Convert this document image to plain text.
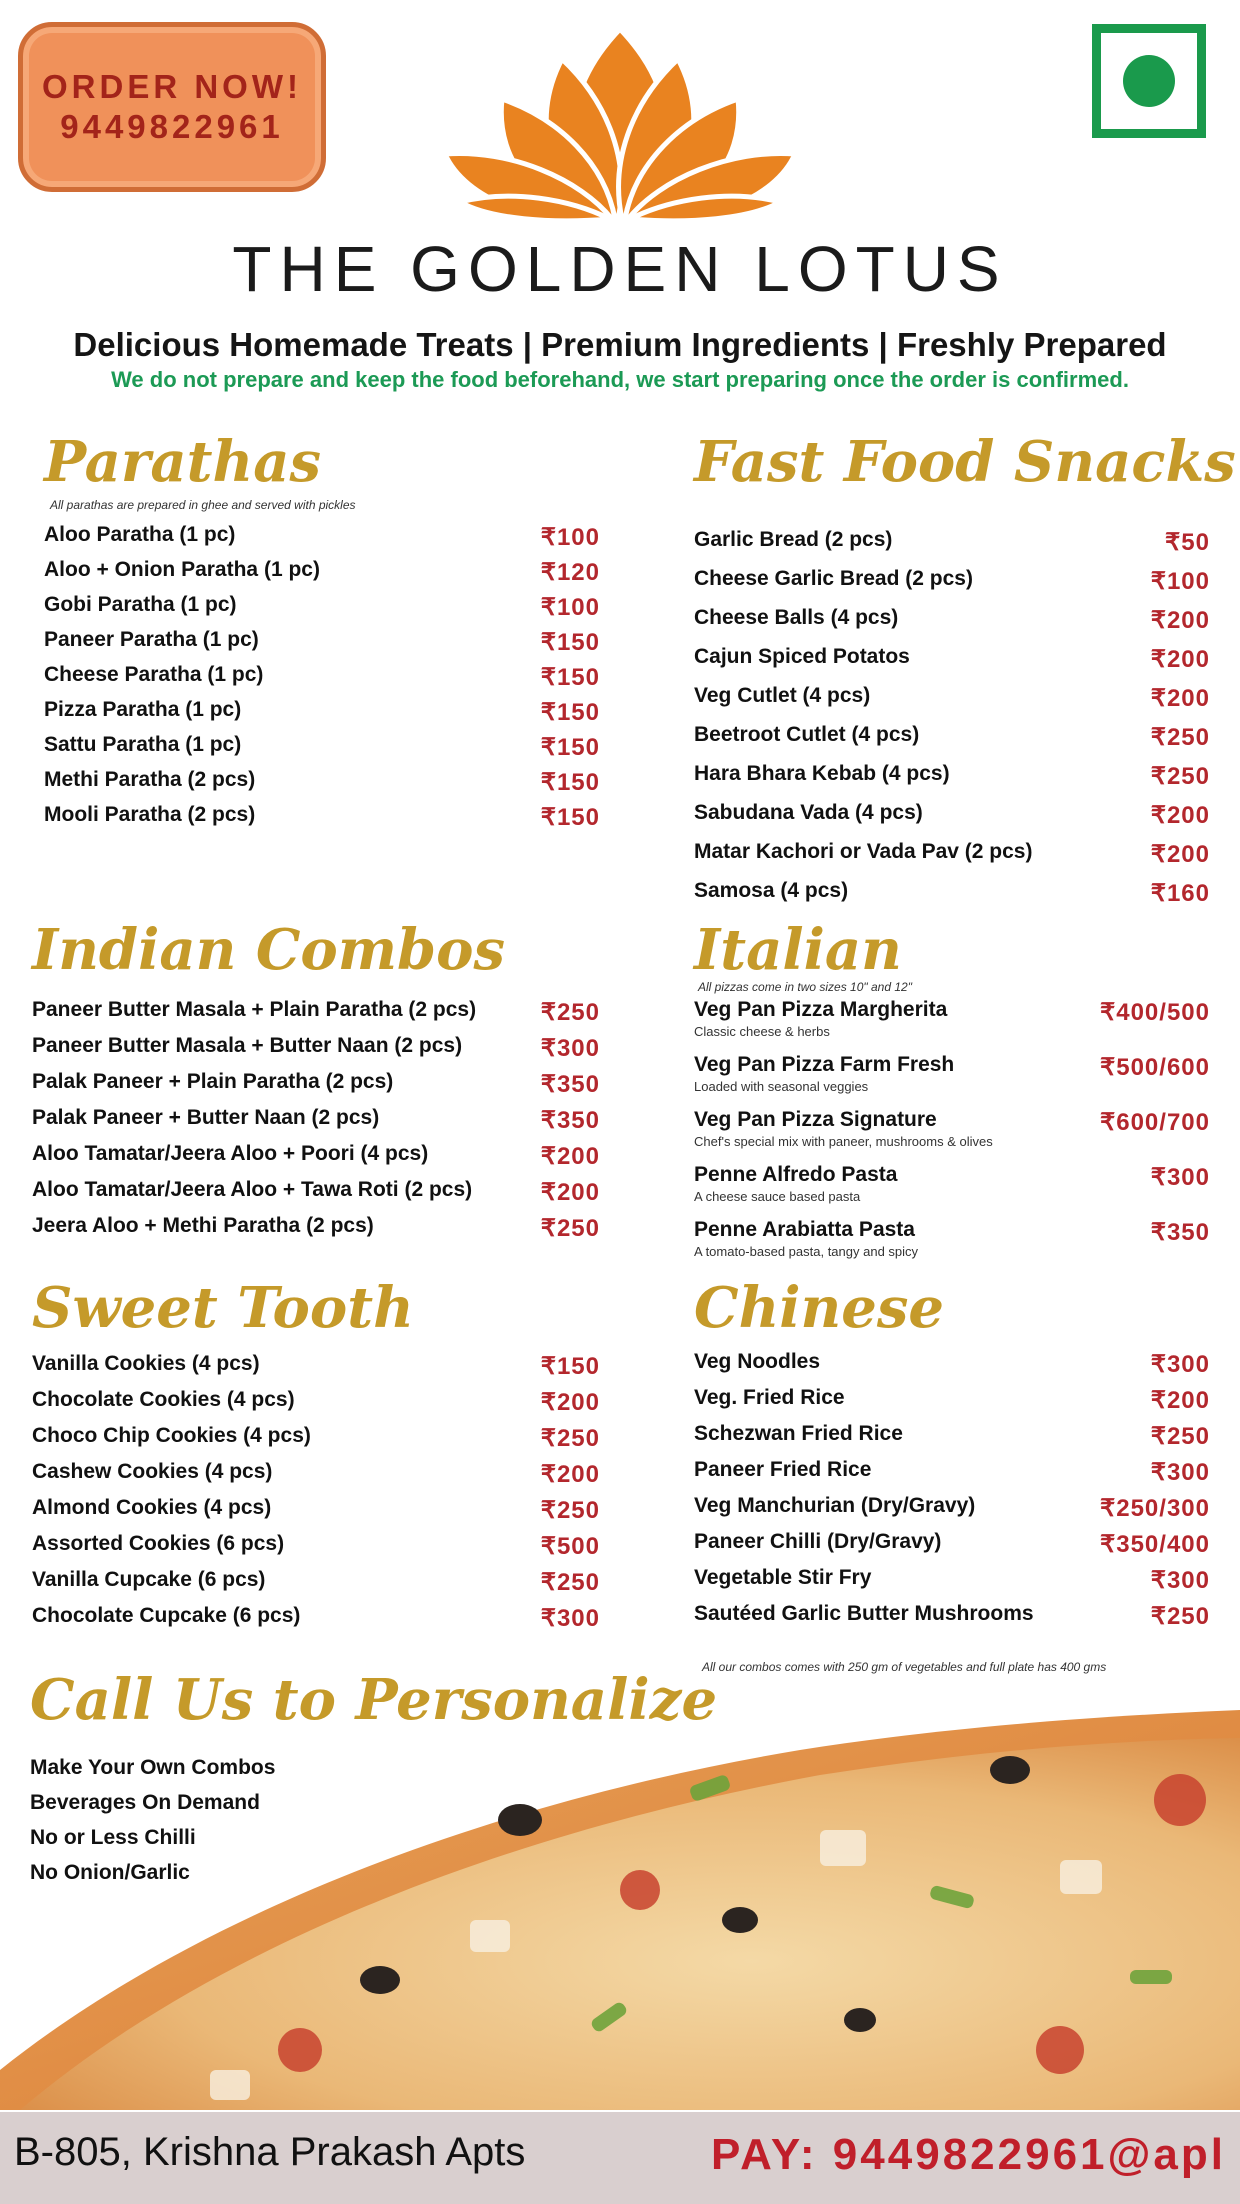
ORDER NOW!
9449822961
THE GOLDEN LOTUS
Delicious Homemade Treats | Premium Ingredients | Freshly Prepared
We do not prepare and keep the food beforehand, we start preparing once the order is confirmed.
Parathas
All parathas are prepared in ghee and served with pickles
Aloo Paratha (1 pc)	₹100
Aloo + Onion Paratha (1 pc)	₹120
Gobi Paratha (1 pc)	₹100
Paneer Paratha (1 pc)	₹150
Cheese Paratha (1 pc)	₹150
Pizza Paratha (1 pc)	₹150
Sattu Paratha (1 pc)	₹150
Methi Paratha (2 pcs)	₹150
Mooli Paratha (2 pcs)	₹150
Fast Food Snacks
Garlic Bread (2 pcs)	₹50
Cheese Garlic Bread (2 pcs)	₹100
Cheese Balls (4 pcs)	₹200
Cajun Spiced Potatos	₹200
Veg Cutlet (4 pcs)	₹200
Beetroot Cutlet (4 pcs)	₹250
Hara Bhara Kebab (4 pcs)	₹250
Sabudana Vada (4 pcs)	₹200
Matar Kachori or Vada Pav (2 pcs)	₹200
Samosa (4 pcs)	₹160
Indian Combos
Paneer Butter Masala + Plain Paratha (2 pcs)	₹250
Paneer Butter Masala + Butter Naan (2 pcs)	₹300
Palak Paneer + Plain Paratha (2 pcs)	₹350
Palak Paneer + Butter Naan (2 pcs)	₹350
Aloo Tamatar/Jeera Aloo + Poori (4 pcs)	₹200
Aloo Tamatar/Jeera Aloo + Tawa Roti (2 pcs)	₹200
Jeera Aloo + Methi Paratha (2 pcs)	₹250
Italian
All pizzas come in two sizes 10" and 12"
Veg Pan Pizza Margherita
Classic cheese & herbs
₹400/500
Veg Pan Pizza Farm Fresh
Loaded with seasonal veggies
₹500/600
Veg Pan Pizza Signature
Chef's special mix with paneer, mushrooms & olives
₹600/700
Penne Alfredo Pasta
A cheese sauce based pasta
₹300
Penne Arabiatta Pasta
A tomato-based pasta, tangy and spicy
₹350
Sweet Tooth
Vanilla Cookies (4 pcs)	₹150
Chocolate Cookies (4 pcs)	₹200
Choco Chip Cookies (4 pcs)	₹250
Cashew Cookies (4 pcs)	₹200
Almond Cookies (4 pcs)	₹250
Assorted Cookies (6 pcs)	₹500
Vanilla Cupcake (6 pcs)	₹250
Chocolate Cupcake (6 pcs)	₹300
Chinese
Veg Noodles	₹300
Veg. Fried Rice	₹200
Schezwan Fried Rice	₹250
Paneer Fried Rice	₹300
Veg Manchurian (Dry/Gravy)	₹250/300
Paneer Chilli (Dry/Gravy)	₹350/400
Vegetable Stir Fry	₹300
Sautéed Garlic Butter Mushrooms	₹250
All our combos comes with 250 gm of vegetables and full plate has 400 gms
Call Us to Personalize
Make Your Own Combos
Beverages On Demand
No or Less Chilli
No Onion/Garlic
B-805, Krishna Prakash Apts	PAY: 9449822961@apl
